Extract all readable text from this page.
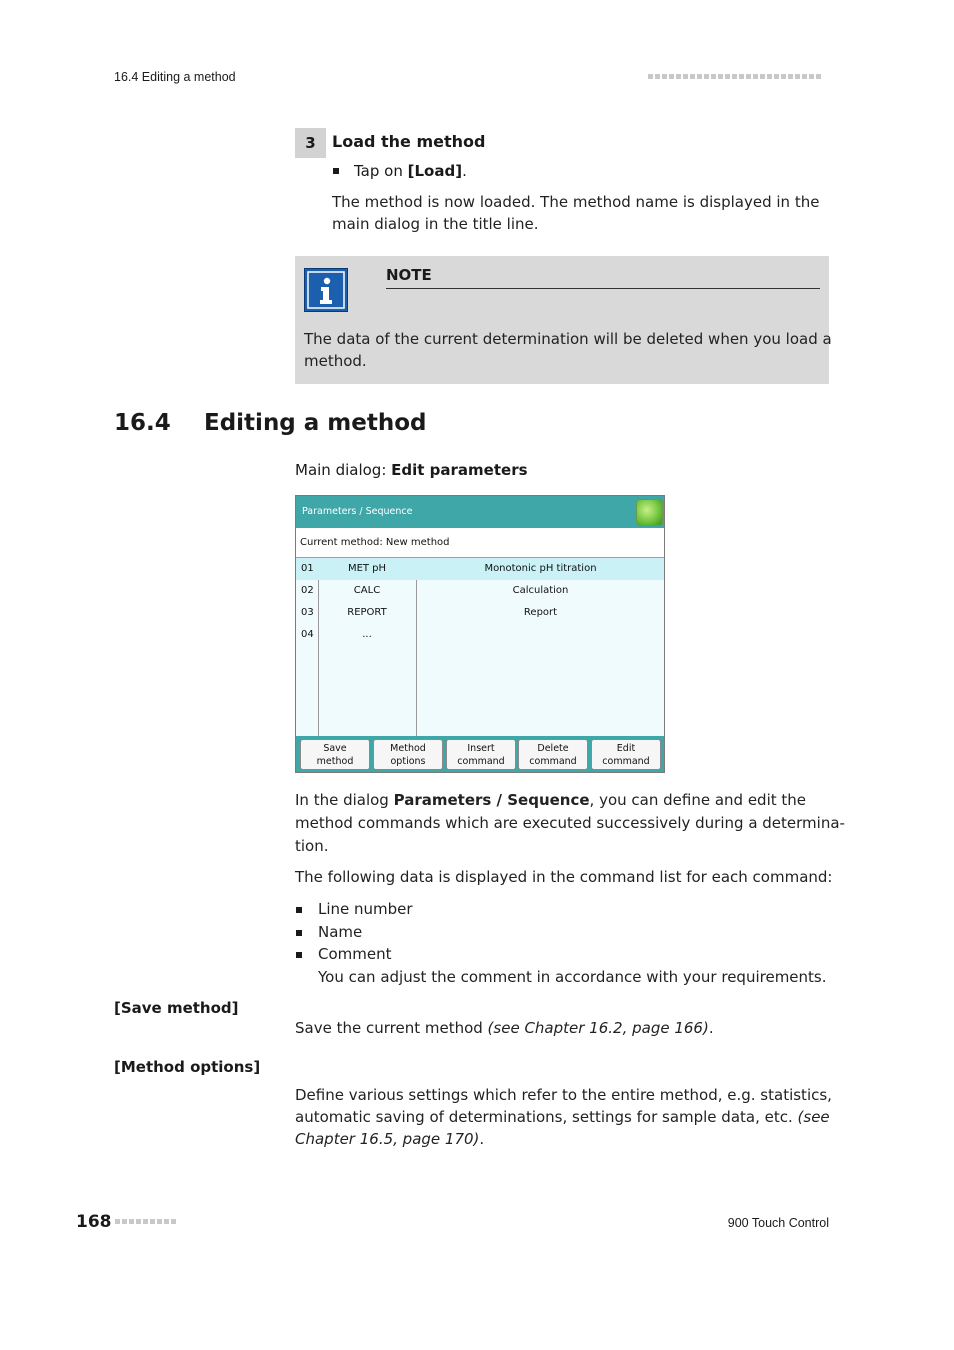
16.4 Editing a method
3	Load the method
Tap on [Load].
The method is now loaded. The method name is displayed in the
main dialog in the title line.
NOTE
The data of the current determination will be deleted when you load a
method.
16.4 Editing a method
Main dialog: Edit parameters
Parameters / Sequence
Current method: New method
01	MET pH	Monotonic pH titration
02	CALC	Calculation
03	REPORT	Report
04	...
Save
method
Method
options
Insert
command
Delete
command
Edit
command
In the dialog Parameters / Sequence, you can define and edit the
method commands which are executed successively during a determina-
tion.
The following data is displayed in the command list for each command:
Line number
Name
Comment
You can adjust the comment in accordance with your requirements.
[Save method]
Save the current method (see Chapter 16.2, page 166).
[Method options]
Define various settings which refer to the entire method, e.g. statistics,
automatic saving of determinations, settings for sample data, etc. (see
Chapter 16.5, page 170).
168	900 Touch Control
